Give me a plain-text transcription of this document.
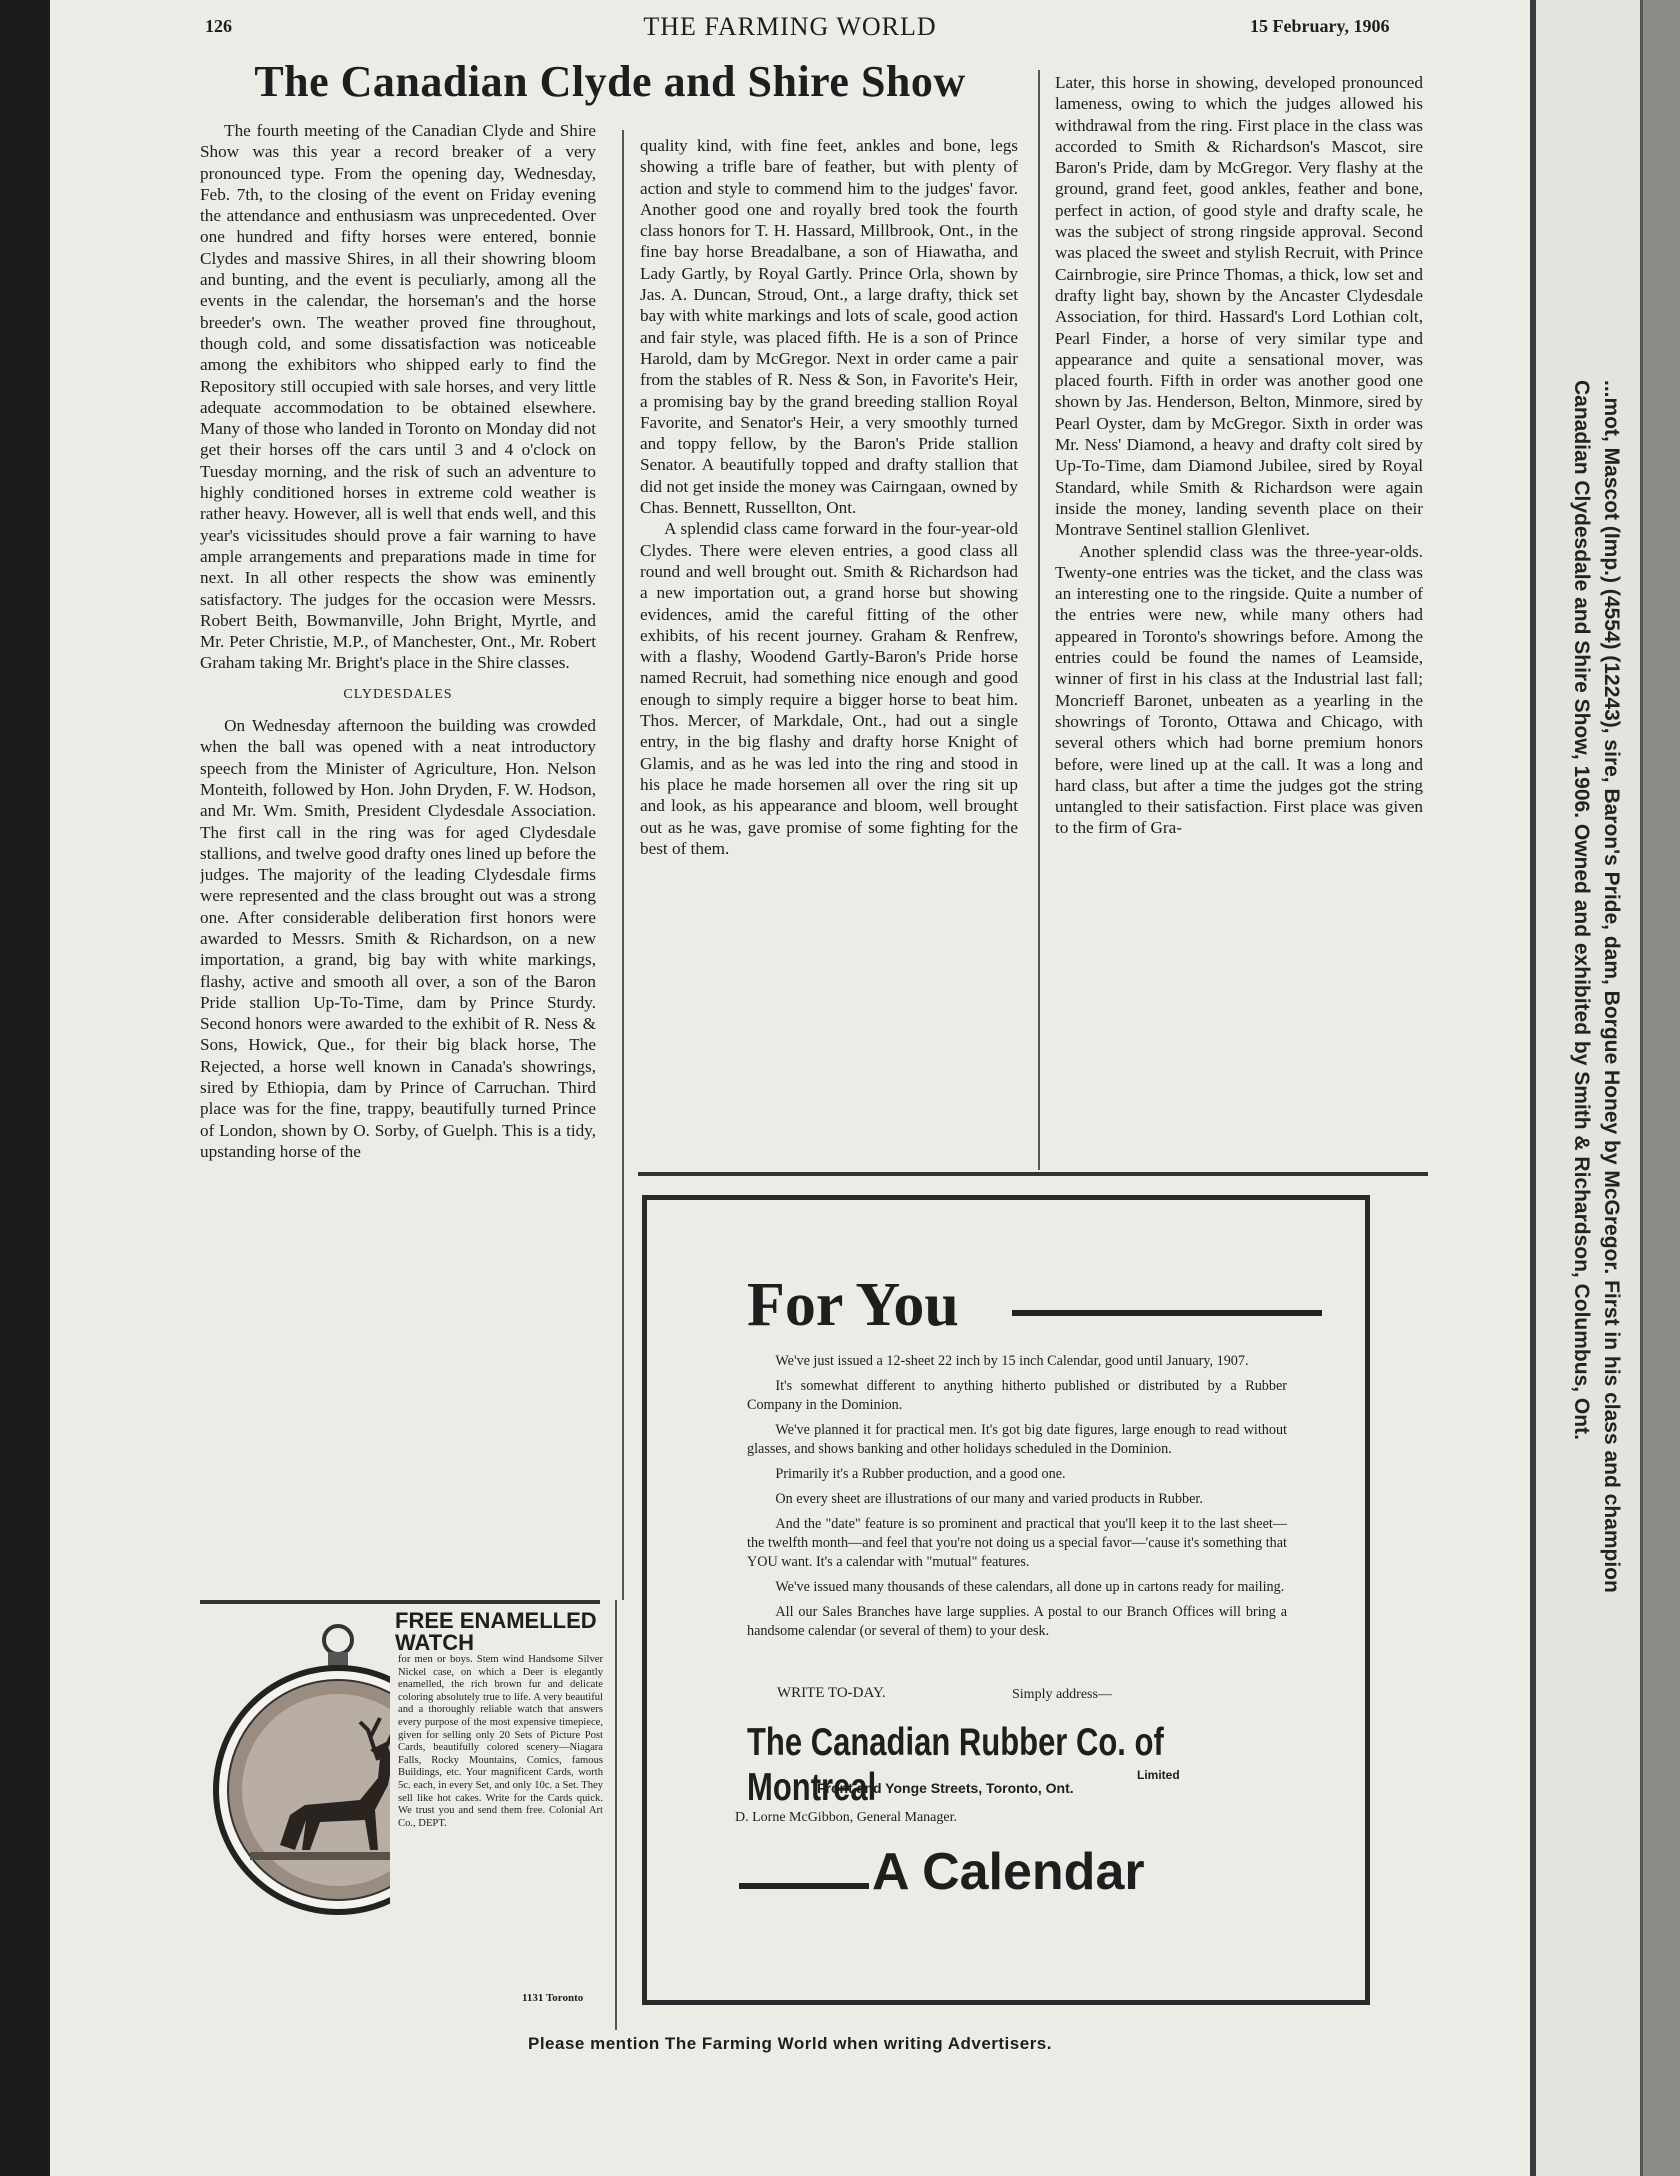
126	THE FARMING WORLD	15 February, 1906
The Canadian Clyde and Shire Show

The fourth meeting of the Canadian Clyde and Shire Show was this year a record breaker of a very pronounced type. From the opening day, Wednesday, Feb. 7th, to the closing of the event on Friday evening the attendance and enthusiasm was unprecedented. Over one hundred and fifty horses were entered, bonnie Clydes and massive Shires, in all their showring bloom and bunting, and the event is peculiarly, among all the events in the calendar, the horseman's and the horse breeder's own. The weather proved fine throughout, though cold, and some dissatisfaction was noticeable among the exhibitors who shipped early to find the Repository still occupied with sale horses, and very little adequate accommodation to be obtained elsewhere. Many of those who landed in Toronto on Monday did not get their horses off the cars until 3 and 4 o'clock on Tuesday morning, and the risk of such an adventure to highly conditioned horses in extreme cold weather is rather heavy. However, all is well that ends well, and this year's vicissitudes should prove a fair warning to have ample arrangements and preparations made in time for next. In all other respects the show was eminently satisfactory. The judges for the occasion were Messrs. Robert Beith, Bowmanville, John Bright, Myrtle, and Mr. Peter Christie, M.P., of Manchester, Ont., Mr. Robert Graham taking Mr. Bright's place in the Shire classes.

CLYDESDALES

On Wednesday afternoon the building was crowded when the ball was opened with a neat introductory speech from the Minister of Agriculture, Hon. Nelson Monteith, followed by Hon. John Dryden, F. W. Hodson, and Mr. Wm. Smith, President Clydesdale Association. The first call in the ring was for aged Clydesdale stallions, and twelve good drafty ones lined up before the judges. The majority of the leading Clydesdale firms were represented and the class brought out was a strong one. After considerable deliberation first honors were awarded to Messrs. Smith & Richardson, on a new importation, a grand, big bay with white markings, flashy, active and smooth all over, a son of the Baron Pride stallion Up-To-Time, dam by Prince Sturdy. Second honors were awarded to the exhibit of R. Ness & Sons, Howick, Que., for their big black horse, The Rejected, a horse well known in Canada's showrings, sired by Ethiopia, dam by Prince of Carruchan. Third place was for the fine, trappy, beautifully turned Prince of London, shown by O. Sorby, of Guelph. This is a tidy, upstanding horse of the

quality kind, with fine feet, ankles and bone, legs showing a trifle bare of feather, but with plenty of action and style to commend him to the judges' favor. Another good one and royally bred took the fourth class honors for T. H. Hassard, Millbrook, Ont., in the fine bay horse Breadalbane, a son of Hiawatha, and Lady Gartly, by Royal Gartly. Prince Orla, shown by Jas. A. Duncan, Stroud, Ont., a large drafty, thick set bay with white markings and lots of scale, good action and fair style, was placed fifth. He is a son of Prince Harold, dam by McGregor. Next in order came a pair from the stables of R. Ness & Son, in Favorite's Heir, a promising bay by the grand breeding stallion Royal Favorite, and Senator's Heir, a very smoothly turned and toppy fellow, by the Baron's Pride stallion Senator. A beautifully topped and drafty stallion that did not get inside the money was Cairngaan, owned by Chas. Bennett, Russellton, Ont.

A splendid class came forward in the four-year-old Clydes. There were eleven entries, a good class all round and well brought out. Smith & Richardson had a new importation out, a grand horse but showing evidences, amid the careful fitting of the other exhibits, of his recent journey. Graham & Renfrew, with a flashy, Woodend Gartly-Baron's Pride horse named Recruit, had something nice enough and good enough to simply require a bigger horse to beat him. Thos. Mercer, of Markdale, Ont., had out a single entry, in the big flashy and drafty horse Knight of Glamis, and as he was led into the ring and stood in his place he made horsemen all over the ring sit up and look, as his appearance and bloom, well brought out as he was, gave promise of some fighting for the best of them.

Later, this horse in showing, developed pronounced lameness, owing to which the judges allowed his withdrawal from the ring. First place in the class was accorded to Smith & Richardson's Mascot, sire Baron's Pride, dam by McGregor. Very flashy at the ground, grand feet, good ankles, feather and bone, perfect in action, of good style and drafty scale, he was the subject of strong ringside approval. Second was placed the sweet and stylish Recruit, with Prince Cairnbrogie, sire Prince Thomas, a thick, low set and drafty light bay, shown by the Ancaster Clydesdale Association, for third. Hassard's Lord Lothian colt, Pearl Finder, a horse of very similar type and appearance and quite a sensational mover, was placed fourth. Fifth in order was another good one shown by Jas. Henderson, Belton, Minmore, sired by Pearl Oyster, dam by McGregor. Sixth in order was Mr. Ness' Diamond, a heavy and drafty colt sired by Up-To-Time, dam Diamond Jubilee, sired by Royal Standard, while Smith & Richardson were again inside the money, landing seventh place on their Montrave Sentinel stallion Glenlivet.

Another splendid class was the three-year-olds. Twenty-one entries was the ticket, and the class was an interesting one to the ringside. Quite a number of the entries were new, while many others had appeared in Toronto's showrings before. Among the entries could be found the names of Leamside, winner of first in his class at the Industrial last fall; Moncrieff Baronet, unbeaten as a yearling in the showrings of Toronto, Ottawa and Chicago, with several others which had borne premium honors before, were lined up at the call. It was a long and hard class, but after a time the judges got the string untangled to their satisfaction. First place was given to the firm of Gra-

FREE ENAMELLED
WATCH
for men or boys. Stem wind Handsome Silver Nickel case, on which a Deer is elegantly enamelled, the rich brown fur and delicate coloring absolutely true to life. A very beautiful and a thoroughly reliable watch that answers every purpose of the most expensive timepiece, given for selling only 20 Sets of Picture Post Cards, beautifully colored scenery—Niagara Falls, Rocky Mountains, Comics, famous Buildings, etc. Your magnificent Cards, worth 5c. each, in every Set, and only 10c. a Set. They sell like hot cakes. Write for the Cards quick. We trust you and send them free. Colonial Art Co., DEPT.
1131 Toronto
For You

We've just issued a 12-sheet 22 inch by 15 inch Calendar, good until January, 1907.

It's somewhat different to anything hitherto published or distributed by a Rubber Company in the Dominion.

We've planned it for practical men. It's got big date figures, large enough to read without glasses, and shows banking and other holidays scheduled in the Dominion.

Primarily it's a Rubber production, and a good one.

On every sheet are illustrations of our many and varied products in Rubber.

And the "date" feature is so prominent and practical that you'll keep it to the last sheet—the twelfth month—and feel that you're not doing us a special favor—'cause it's something that YOU want. It's a calendar with "mutual" features.

We've issued many thousands of these calendars, all done up in cartons ready for mailing.

All our Sales Branches have large supplies. A postal to our Branch Offices will bring a handsome calendar (or several of them) to your desk.

WRITE TO-DAY.	Simply address—
The Canadian Rubber Co. of Montreal	Limited
Front and Yonge Streets, Toronto, Ont.
D. Lorne McGibbon, General Manager.
A Calendar
Please mention The Farming World when writing Advertisers.
...mot, Mascot (Imp.) (4554) (12243), sire, Baron's Pride, dam, Borgue Honey by McGregor. First in his class and champion
Canadian Clydesdale and Shire Show, 1906. Owned and exhibited by Smith & Richardson, Columbus, Ont.
